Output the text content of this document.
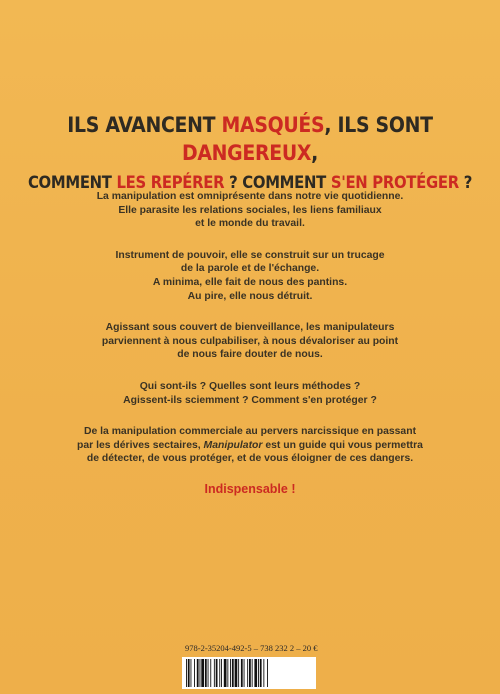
ILS AVANCENT MASQUÉS, ILS SONT DANGEREUX,
COMMENT LES REPÉRER ? COMMENT S'EN PROTÉGER ?
La manipulation est omniprésente dans notre vie quotidienne.
Elle parasite les relations sociales, les liens familiaux
et le monde du travail.
Instrument de pouvoir, elle se construit sur un trucage
de la parole et de l'échange.
A minima, elle fait de nous des pantins.
Au pire, elle nous détruit.
Agissant sous couvert de bienveillance, les manipulateurs
parviennent à nous culpabiliser, à nous dévaloriser au point
de nous faire douter de nous.
Qui sont-ils ? Quelles sont leurs méthodes ?
Agissent-ils sciemment ? Comment s'en protéger ?
De la manipulation commerciale au pervers narcissique en passant
par les dérives sectaires, Manipulator est un guide qui vous permettra
de détecter, de vous protéger, et de vous éloigner de ces dangers.
Indispensable !
978-2-35204-492-5 – 738 232 2 – 20 €
